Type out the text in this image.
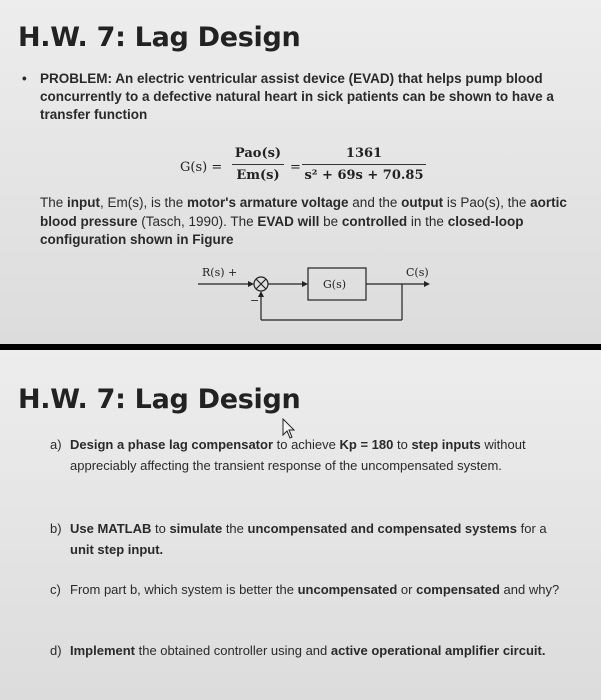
H.W. 7: Lag Design
• PROBLEM: An electric ventricular assist device (EVAD) that helps pump blood concurrently to a defective natural heart in sick patients can be shown to have a transfer function
G(s) =
Pao(s)
Em(s)
=
1361
s² + 69s + 70.85
The input, Em(s), is the motor's armature voltage and the output is Pao(s), the aortic blood pressure (Tasch, 1990). The EVAD will be controlled in the closed-loop configuration shown in Figure
R(s) +
−
C(s)
G(s)
H.W. 7: Lag Design
a) Design a phase lag compensator to achieve Kp = 180 to step inputs without appreciably affecting the transient response of the uncompensated system.
b) Use MATLAB to simulate the uncompensated and compensated systems for a unit step input.
c) From part b, which system is better the uncompensated or compensated and why?
d) Implement the obtained controller using and active operational amplifier circuit.
